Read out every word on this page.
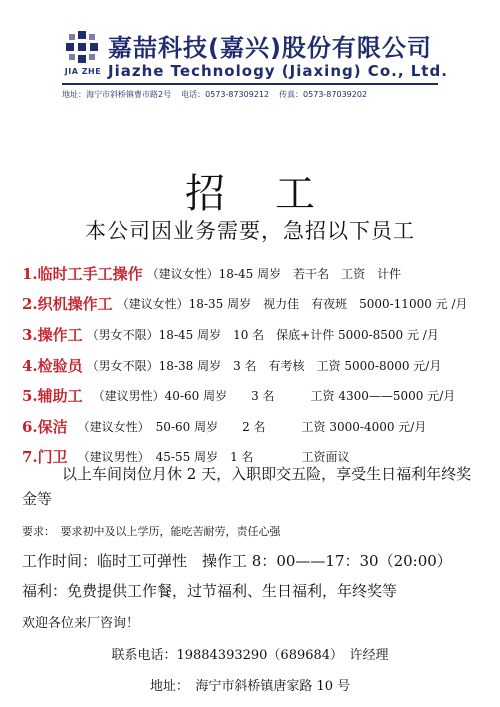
JIA ZHE
嘉喆科技(嘉兴)股份有限公司
Jiazhe Technology (Jiaxing) Co., Ltd.
地址：海宁市斜桥镇曹市路2号 电话：0573-87309212 传真：0573-87039202
招工
本公司因业务需要，急招以下员工
1.临时工手工操作 （建议女性）18-45 周岁　若干名　工资　计件
2.织机操作工 （建议女性）18-35 周岁　视力佳　有夜班　5000-11000 元 /月
3.操作工 （男女不限）18-45 周岁　10 名　保底+计件 5000-8500 元 /月
4.检验员 （男女不限）18-38 周岁　3 名　有考核　工资 5000-8000 元/月
5.辅助工 　（建议男性）40-60 周岁　　3 名　　　工资 4300——5000 元/月
6.保洁 　（建议女性）　50-60 周岁　　2 名　　　工资 3000-4000 元/月
7.门卫 　（建议男性）　45-55 周岁　1 名　　　　工资面议
以上车间岗位月休 2 天，入职即交五险，享受生日福利年终奖金等
要求：　要求初中及以上学历，能吃苦耐劳，责任心强
工作时间：临时工可弹性　操作工 8：00——17：30（20:00）
福利：免费提供工作餐，过节福利、生日福利，年终奖等
欢迎各位来厂咨询！
联系电话：19884393290（689684）　许经理
地址：　海宁市斜桥镇唐家路 10 号
